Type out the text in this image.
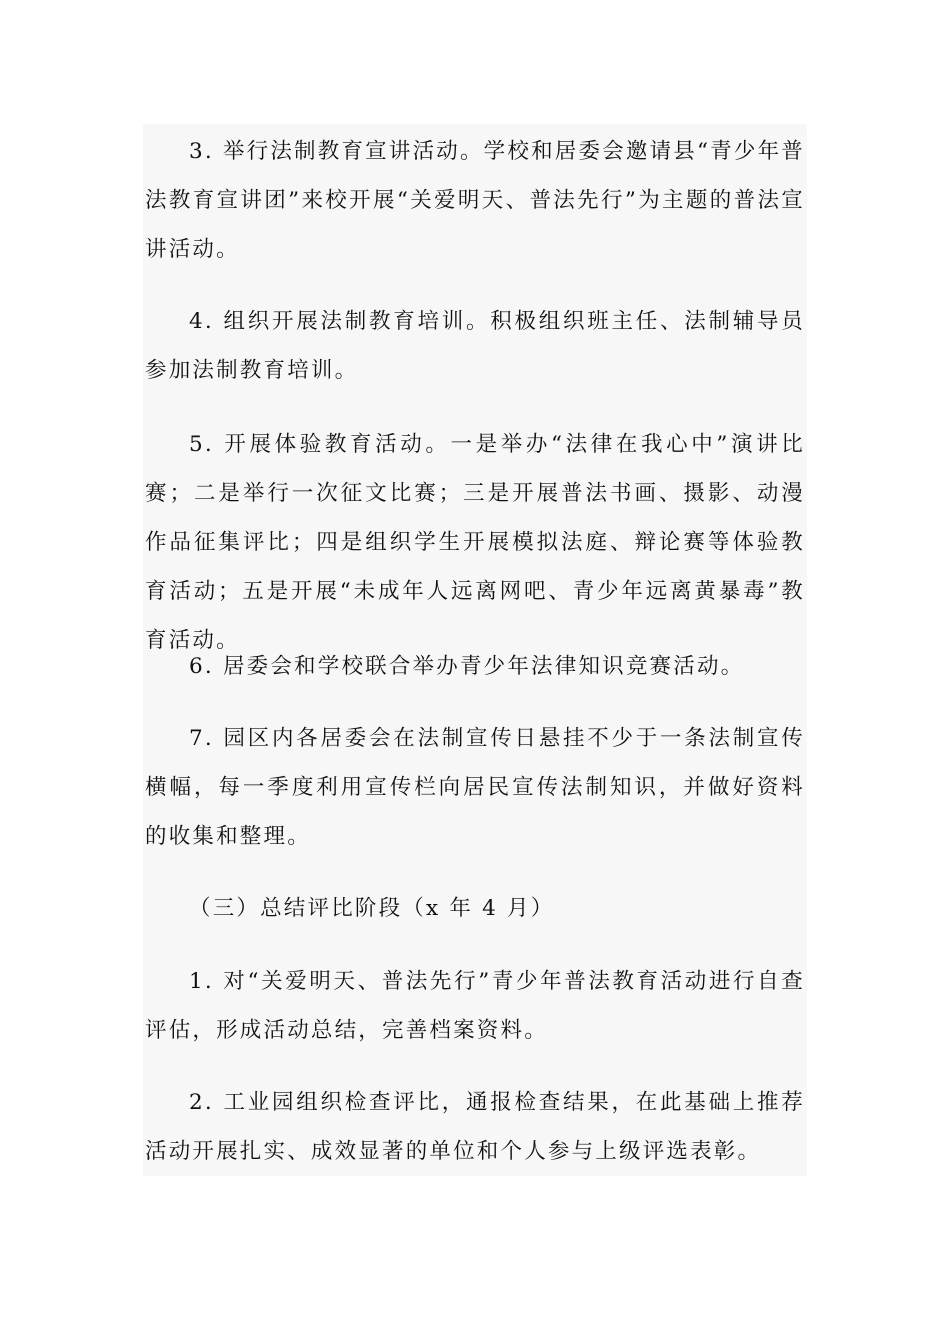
3. 举行法制教育宣讲活动。学校和居委会邀请县“青少年普法教育宣讲团”来校开展“关爱明天、普法先行”为主题的普法宣讲活动。

4. 组织开展法制教育培训。积极组织班主任、法制辅导员参加法制教育培训。

5. 开展体验教育活动。一是举办“法律在我心中”演讲比赛；二是举行一次征文比赛；三是开展普法书画、摄影、动漫作品征集评比；四是组织学生开展模拟法庭、辩论赛等体验教育活动；五是开展“未成年人远离网吧、青少年远离黄暴毒”教育活动。

6. 居委会和学校联合举办青少年法律知识竞赛活动。

7. 园区内各居委会在法制宣传日悬挂不少于一条法制宣传横幅，每一季度利用宣传栏向居民宣传法制知识，并做好资料的收集和整理。

（三）总结评比阶段（x 年 4 月）

1. 对“关爱明天、普法先行”青少年普法教育活动进行自查评估，形成活动总结，完善档案资料。

2. 工业园组织检查评比，通报检查结果，在此基础上推荐活动开展扎实、成效显著的单位和个人参与上级评选表彰。
